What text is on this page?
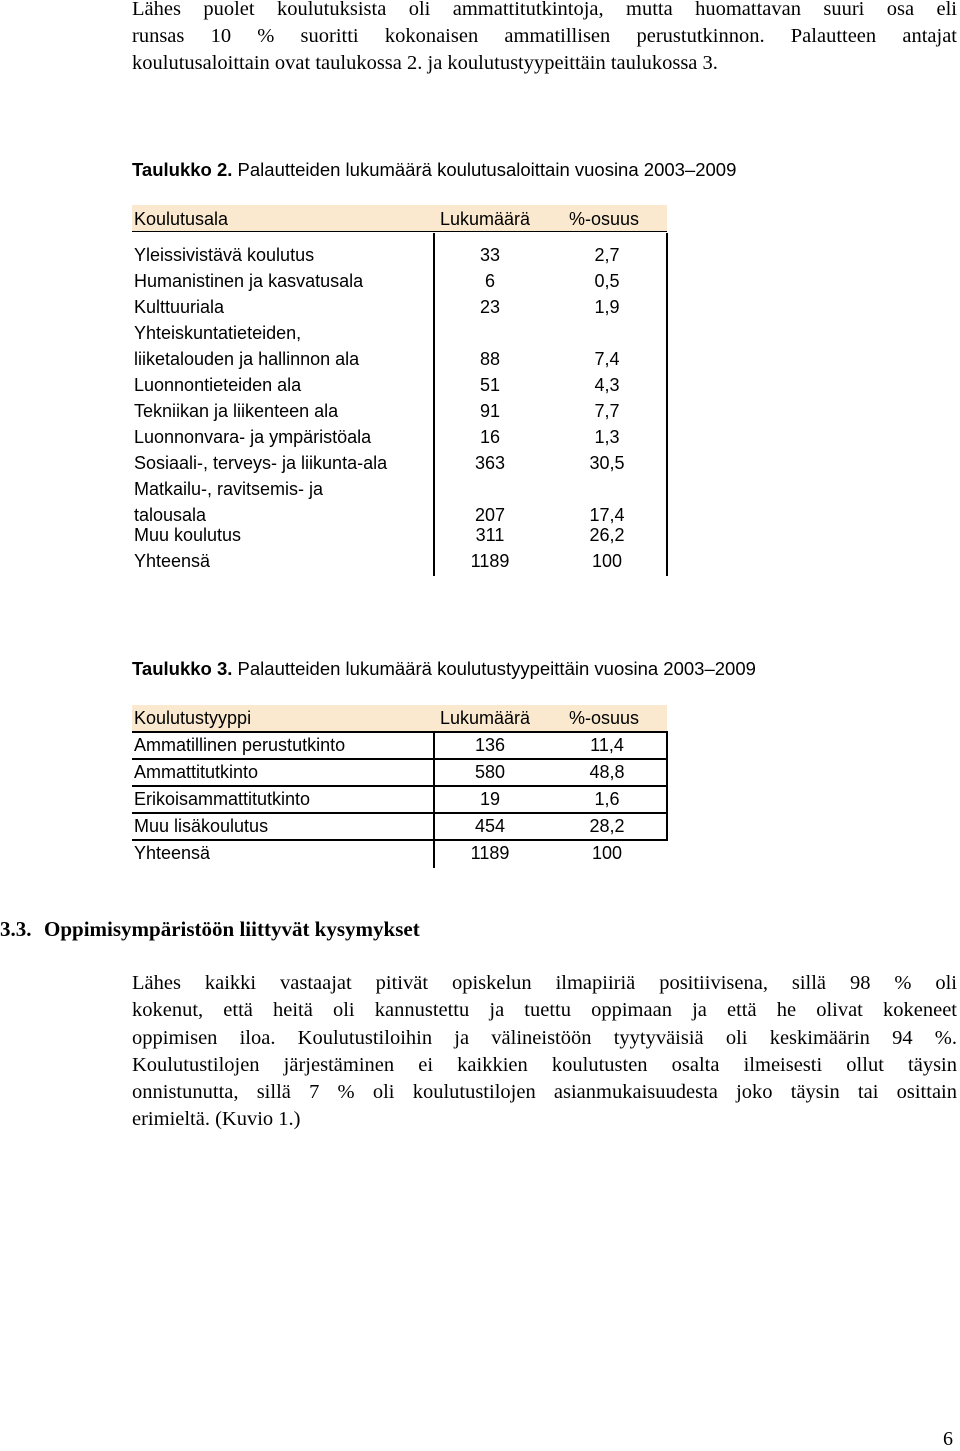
Lähes puolet koulutuksista oli ammattitutkintoja, mutta huomattavan suuri osa eli
runsas 10 % suoritti kokonaisen ammatillisen perustutkinnon. Palautteen antajat
koulutusaloittain ovat taulukossa 2. ja koulutustyypeittäin taulukossa 3.
Taulukko 2. Palautteiden lukumäärä koulutusaloittain vuosina 2003–2009
Koulutusala	Lukumäärä %-osuus
Yleissivistävä koulutus	33	2,7
Humanistinen ja kasvatusala	6	0,5
Kulttuuriala	23	1,9
Yhteiskuntatieteiden,
liiketalouden ja hallinnon ala	88	7,4
Luonnontieteiden ala	51	4,3
Tekniikan ja liikenteen ala	91	7,7
Luonnonvara- ja ympäristöala	16	1,3
Sosiaali-, terveys- ja liikunta-ala	363	30,5
Matkailu-, ravitsemis- ja
talousala	207	17,4
Muu koulutus	311	26,2
Yhteensä	1189	100
Taulukko 3. Palautteiden lukumäärä koulutustyypeittäin vuosina 2003–2009
Koulutustyyppi	Lukumäärä %-osuus
Ammatillinen perustutkinto	136	11,4
Ammattitutkinto	580	48,8
Erikoisammattitutkinto	19	1,6
Muu lisäkoulutus	454	28,2
Yhteensä	1189	100
3.3. Oppimisympäristöön liittyvät kysymykset
Lähes kaikki vastaajat pitivät opiskelun ilmapiiriä positiivisena, sillä 98 % oli
kokenut, että heitä oli kannustettu ja tuettu oppimaan ja että he olivat kokeneet
oppimisen iloa. Koulutustiloihin ja välineistöön tyytyväisiä oli keskimäärin 94 %.
Koulutustilojen järjestäminen ei kaikkien koulutusten osalta ilmeisesti ollut täysin
onnistunutta, sillä 7 % oli koulutustilojen asianmukaisuudesta joko täysin tai osittain
erimieltä. (Kuvio 1.)
6
